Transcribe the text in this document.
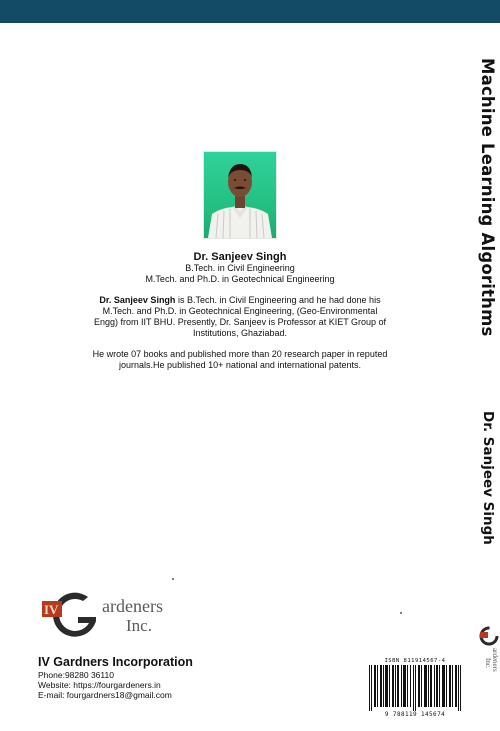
Dr. Sanjeev Singh
B.Tech. in Civil Engineering
M.Tech. and Ph.D. in Geotechnical Engineering

Dr. Sanjeev Singh is B.Tech. in Civil Engineering and he had done his M.Tech. and Ph.D. in Geotechnical Engineering, (Geo-Environmental Engg) from IIT BHU. Presently, Dr. Sanjeev is Professor at KIET Group of Institutions, Ghaziabad.

He wrote 07 books and published more than 20 research paper in reputed journals.He published 10+ national and international patents.

Machine Learning Algorithms
Dr. Sanjeev Singh
ardeners
Inc.
IV ardeners
Inc.
IV Gardners Incorporation
Phone:98280 36110
Website: https://fourgardeners.in
E-mail: fourgardners18@gmail.com
ISBN 811914567-4
9 788119 145674
